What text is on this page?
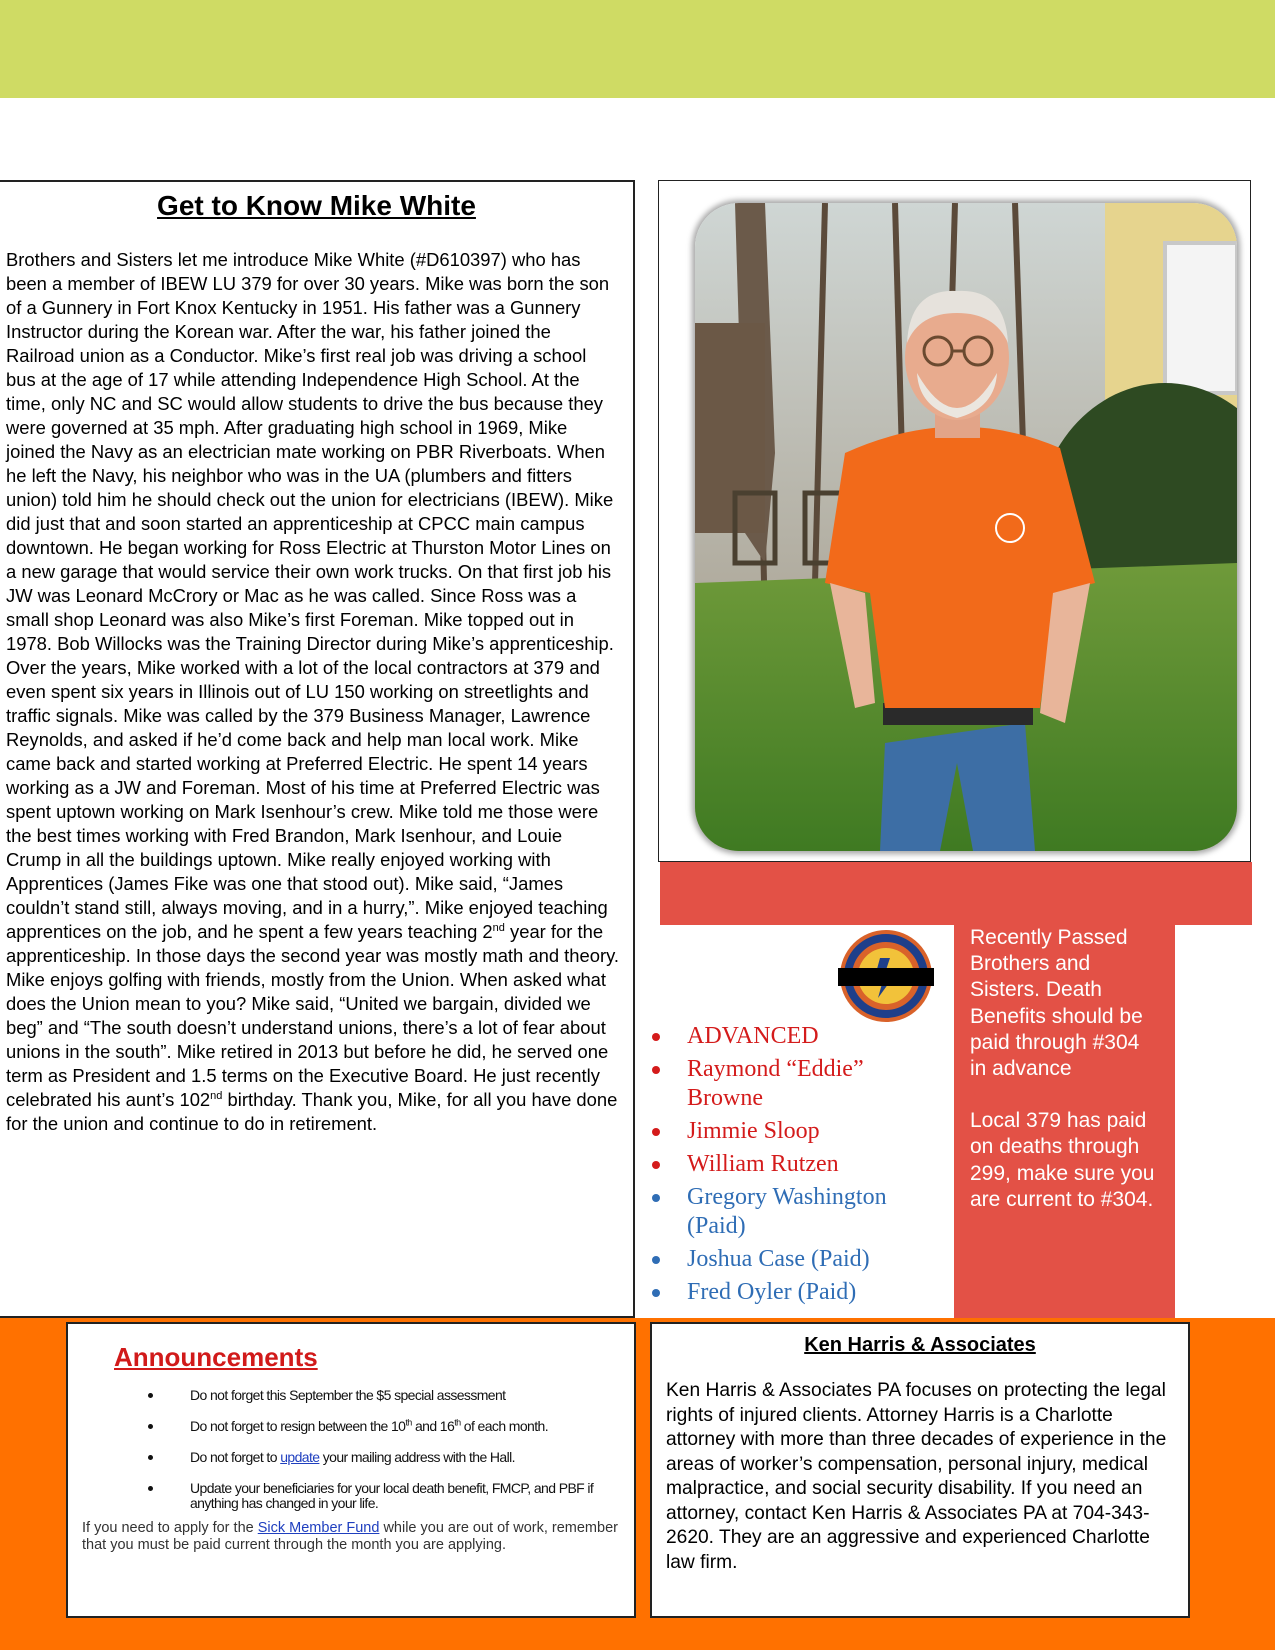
Get to Know Mike White

Brothers and Sisters let me introduce Mike White (#D610397) who has been a member of IBEW LU 379 for over 30 years. Mike was born the son of a Gunnery in Fort Knox Kentucky in 1951. His father was a Gunnery Instructor during the Korean war. After the war, his father joined the Railroad union as a Conductor. Mike’s first real job was driving a school bus at the age of 17 while attending Independence High School. At the time, only NC and SC would allow students to drive the bus because they were governed at 35 mph. After graduating high school in 1969, Mike joined the Navy as an electrician mate working on PBR Riverboats. When he left the Navy, his neighbor who was in the UA (plumbers and fitters union) told him he should check out the union for electricians (IBEW). Mike did just that and soon started an apprenticeship at CPCC main campus downtown. He began working for Ross Electric at Thurston Motor Lines on a new garage that would service their own work trucks. On that first job his JW was Leonard McCrory or Mac as he was called. Since Ross was a small shop Leonard was also Mike’s first Foreman. Mike topped out in 1978. Bob Willocks was the Training Director during Mike’s apprenticeship. Over the years, Mike worked with a lot of the local contractors at 379 and even spent six years in Illinois out of LU 150 working on streetlights and traffic signals. Mike was called by the 379 Business Manager, Lawrence Reynolds, and asked if he’d come back and help man local work. Mike came back and started working at Preferred Electric. He spent 14 years working as a JW and Foreman. Most of his time at Preferred Electric was spent uptown working on Mark Isenhour’s crew. Mike told me those were the best times working with Fred Brandon, Mark Isenhour, and Louie Crump in all the buildings uptown. Mike really enjoyed working with Apprentices (James Fike was one that stood out). Mike said, “James couldn’t stand still, always moving, and in a hurry,”. Mike enjoyed teaching apprentices on the job, and he spent a few years teaching 2nd year for the apprenticeship. In those days the second year was mostly math and theory. Mike enjoys golfing with friends, mostly from the Union. When asked what does the Union mean to you? Mike said, “United we bargain, divided we beg” and “The south doesn’t understand unions, there’s a lot of fear about unions in the south”. Mike retired in 2013 but before he did, he served one term as President and 1.5 terms on the Executive Board. He just recently celebrated his aunt’s 102nd birthday. Thank you, Mike, for all you have done for the union and continue to do in retirement.

ADVANCED
Raymond “Eddie” Browne
Jimmie Sloop
William Rutzen
Gregory Washington (Paid)
Joshua Case (Paid)
Fred Oyler (Paid)

Recently Passed Brothers and Sisters. Death Benefits should be paid through #304 in advance

Local 379 has paid on deaths through 299, make sure you are current to #304.

Announcements
Do not forget this September the $5 special assessment
Do not forget to resign between the 10th and 16th of each month.
Do not forget to update your mailing address with the Hall.
Update your beneficiaries for your local death benefit, FMCP, and PBF if anything has changed in your life.
If you need to apply for the Sick Member Fund while you are out of work, remember that you must be paid current through the month you are applying.
Ken Harris & Associates

Ken Harris & Associates PA focuses on protecting the legal rights of injured clients. Attorney Harris is a Charlotte attorney with more than three decades of experience in the areas of worker’s compensation, personal injury, medical malpractice, and social security disability. If you need an attorney, contact Ken Harris & Associates PA at 704-343-2620. They are an aggressive and experienced Charlotte law firm.
